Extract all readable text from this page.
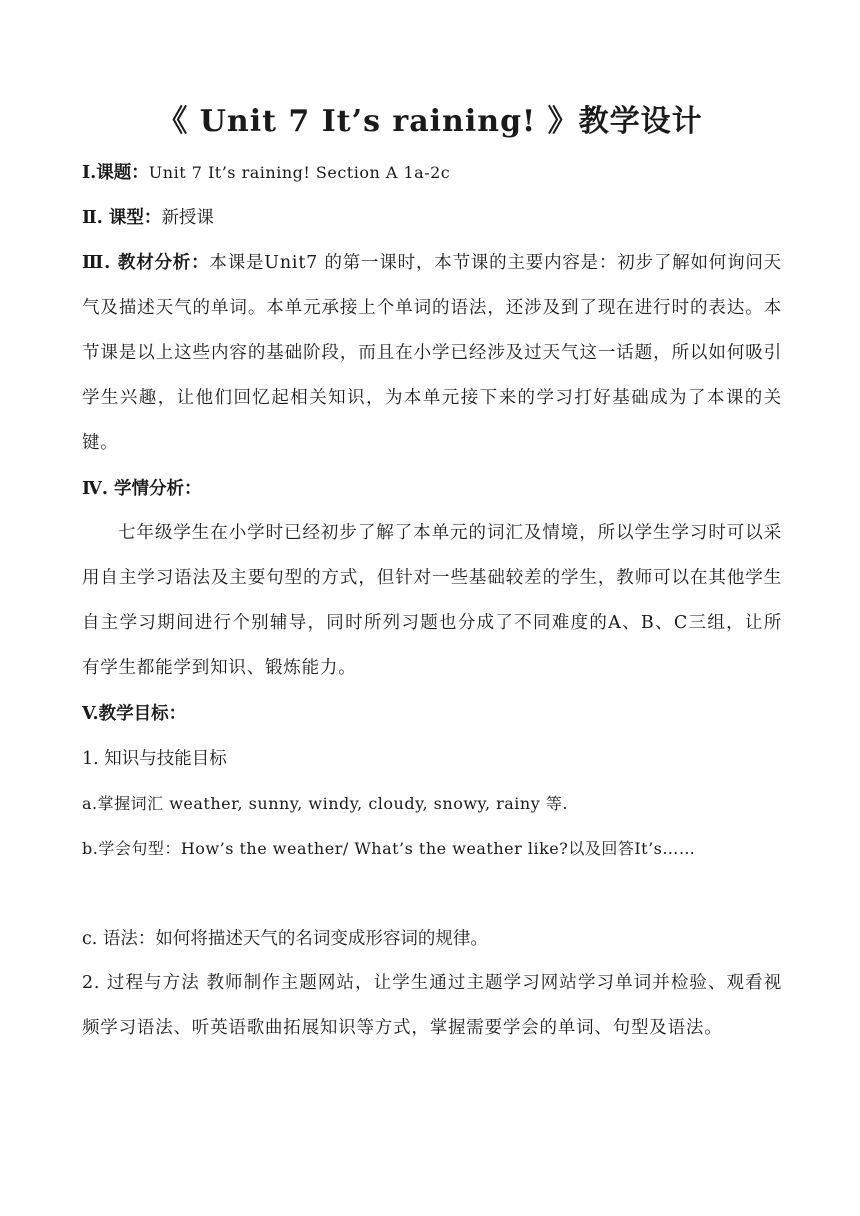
《 Unit 7 It’s raining! 》教学设计
Ⅰ.课题：Unit 7 It’s raining! Section A 1a-2c
Ⅱ. 课型：新授课
Ⅲ. 教材分析：本课是Unit7 的第一课时，本节课的主要内容是：初步了解如何询问天气及描述天气的单词。本单元承接上个单词的语法，还涉及到了现在进行时的表达。本节课是以上这些内容的基础阶段，而且在小学已经涉及过天气这一话题，所以如何吸引学生兴趣，让他们回忆起相关知识，为本单元接下来的学习打好基础成为了本课的关键。
Ⅳ. 学情分析：
七年级学生在小学时已经初步了解了本单元的词汇及情境，所以学生学习时可以采用自主学习语法及主要句型的方式，但针对一些基础较差的学生，教师可以在其他学生自主学习期间进行个别辅导，同时所列习题也分成了不同难度的A、B、C三组，让所有学生都能学到知识、锻炼能力。
V.教学目标：
1. 知识与技能目标
a.掌握词汇 weather, sunny, windy, cloudy, snowy, rainy 等.
b.学会句型：How’s the weather/ What’s the weather like?以及回答It’s……
c. 语法：如何将描述天气的名词变成形容词的规律。
2. 过程与方法 教师制作主题网站，让学生通过主题学习网站学习单词并检验、观看视频学习语法、听英语歌曲拓展知识等方式，掌握需要学会的单词、句型及语法。
